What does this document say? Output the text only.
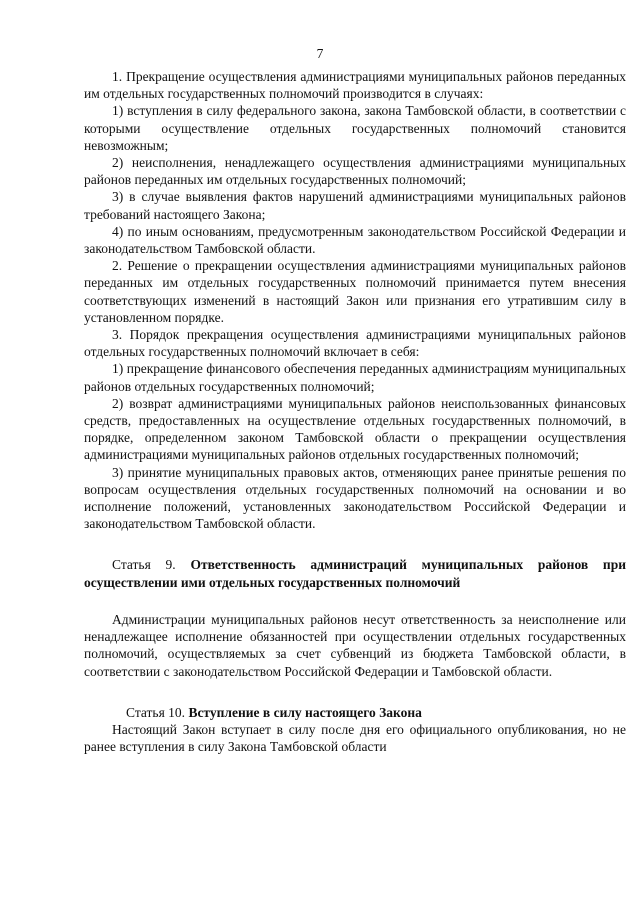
7

1. Прекращение осуществления администрациями муниципальных районов переданных им отдельных государственных полномочий производится в случаях:

1) вступления в силу федерального закона, закона Тамбовской области, в соответствии с которыми осуществление отдельных государственных полномочий становится невозможным;

2) неисполнения, ненадлежащего осуществления администрациями муниципальных районов переданных им отдельных государственных полномочий;

3) в случае выявления фактов нарушений администрациями муниципальных районов требований настоящего Закона;

4) по иным основаниям, предусмотренным законодательством Российской Федерации и законодательством Тамбовской области.

2. Решение о прекращении осуществления администрациями муниципальных районов переданных им отдельных государственных полномочий принимается путем внесения соответствующих изменений в настоящий Закон или признания его утратившим силу в установленном порядке.

3. Порядок прекращения осуществления администрациями муниципальных районов отдельных государственных полномочий включает в себя:

1) прекращение финансового обеспечения переданных администрациям муниципальных районов отдельных государственных полномочий;

2) возврат администрациями муниципальных районов неиспользованных финансовых средств, предоставленных на осуществление отдельных государственных полномочий, в порядке, определенном законом Тамбовской области о прекращении осуществления администрациями муниципальных районов отдельных государственных полномочий;

3) принятие муниципальных правовых актов, отменяющих ранее принятые решения по вопросам осуществления отдельных государственных полномочий на основании и во исполнение положений, установленных законодательством Российской Федерации и законодательством Тамбовской области.

Статья 9. Ответственность администраций муниципальных районов при осуществлении ими отдельных государственных полномочий

Администрации муниципальных районов несут ответственность за неисполнение или ненадлежащее исполнение обязанностей при осуществлении отдельных государственных полномочий, осуществляемых за счет субвенций из бюджета Тамбовской области, в соответствии с законодательством Российской Федерации и Тамбовской области.

Статья 10. Вступление в силу настоящего Закона

Настоящий Закон вступает в силу после дня его официального опубликования, но не ранее вступления в силу Закона Тамбовской области
